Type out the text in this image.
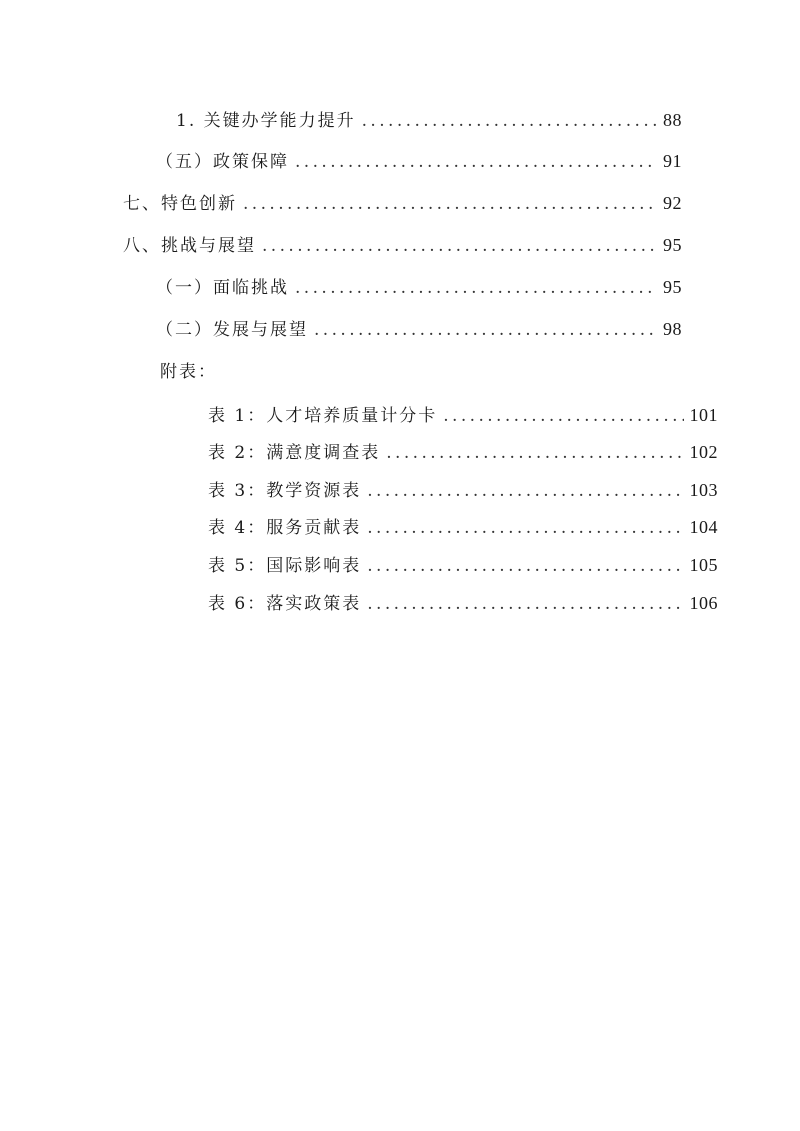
1. 关键办学能力提升 .....	88
（五）政策保障 .....	91
七、特色创新 .....	92
八、挑战与展望 .....	95
（一）面临挑战 .....	95
（二）发展与展望 .....	98
附表：
表 1：人才培养质量计分卡 .....	101
表 2：满意度调查表 .....	102
表 3：教学资源表 .....	103
表 4：服务贡献表 .....	104
表 5：国际影响表 .....	105
表 6：落实政策表 .....	106
